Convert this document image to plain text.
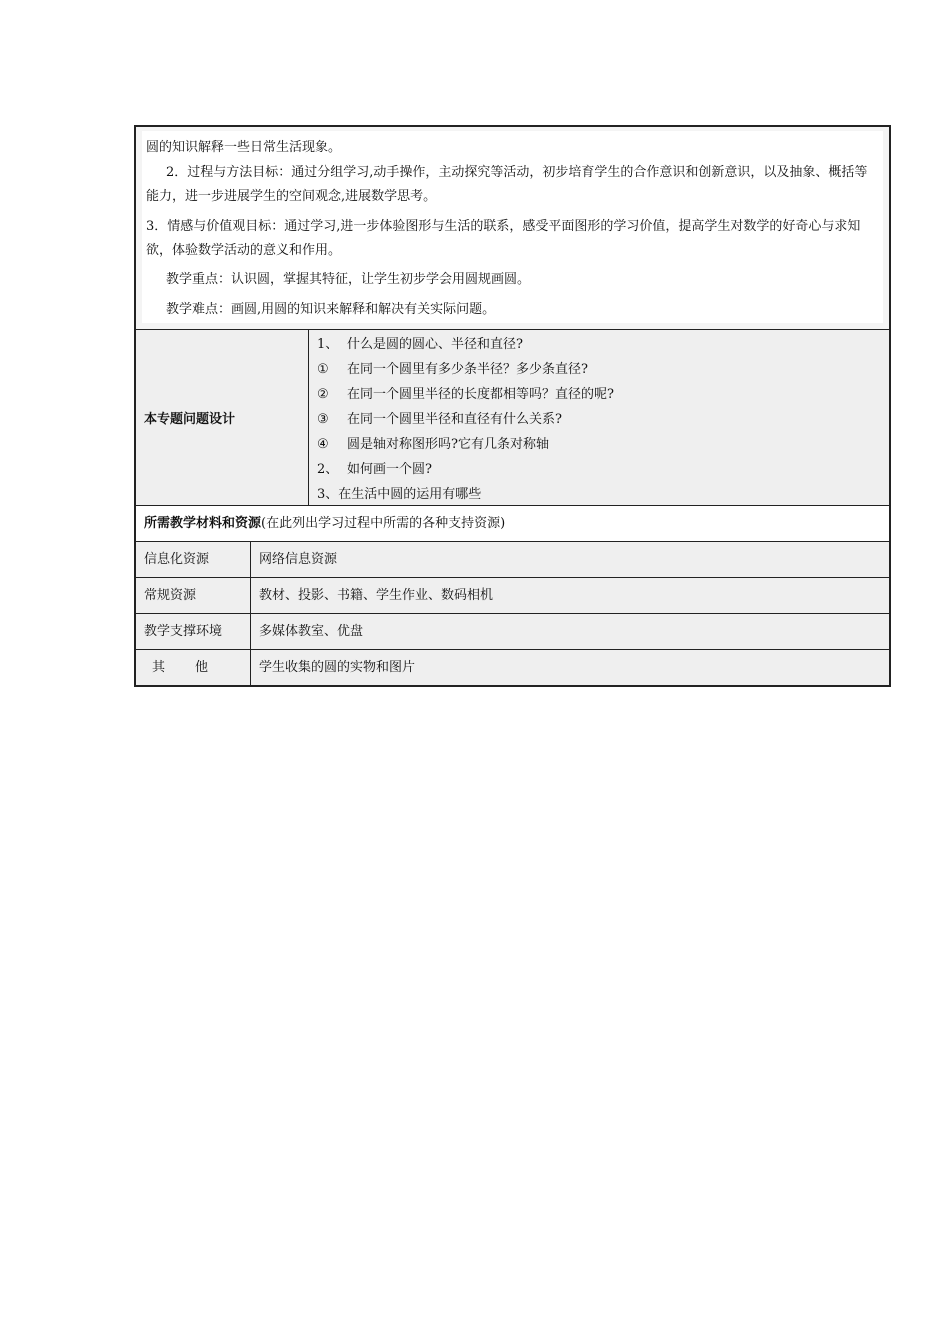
圆的知识解释一些日常生活现象。

2．过程与方法目标：通过分组学习,动手操作，主动探究等活动，初步培育学生的合作意识和创新意识，以及抽象、概括等能力，进一步进展学生的空间观念,进展数学思考。

3．情感与价值观目标：通过学习,进一步体验图形与生活的联系，感受平面图形的学习价值，提高学生对数学的好奇心与求知欲，体验数学活动的意义和作用。

教学重点：认识圆，掌握其特征，让学生初步学会用圆规画圆。

教学难点：画圆,用圆的知识来解释和解决有关实际问题。

本专题问题设计
1、 什么是圆的圆心、半径和直径?
①	在同一个圆里有多少条半径？多少条直径?
②	在同一个圆里半径的长度都相等吗？直径的呢?
③	在同一个圆里半径和直径有什么关系?
④	圆是轴对称图形吗?它有几条对称轴
2、 如何画一个圆?
3、在生活中圆的运用有哪些
所需教学材料和资源(在此列出学习过程中所需的各种支持资源)
信息化资源	网络信息资源
常规资源	教材、投影、书籍、学生作业、数码相机
教学支撑环境	多媒体教室、优盘
其 他	学生收集的圆的实物和图片
